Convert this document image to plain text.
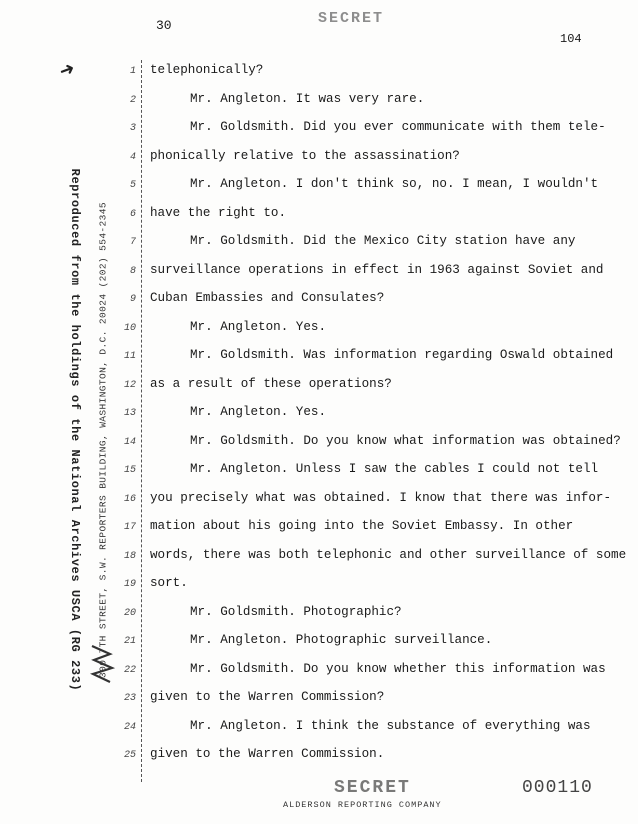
30	SECRET
104
➜
Reproduced from the holdings of the National Archives USCA (RG 233) 300 7TH STREET, S.W. REPORTERS BUILDING, WASHINGTON, D.C. 20024 (202) 554-2345
1 telephonically?
2	Mr. Angleton. It was very rare.
3	Mr. Goldsmith. Did you ever communicate with them tele-
4 phonically relative to the assassination?
5	Mr. Angleton. I don't think so, no. I mean, I wouldn't
6 have the right to.
7	Mr. Goldsmith. Did the Mexico City station have any
8 surveillance operations in effect in 1963 against Soviet and
9 Cuban Embassies and Consulates?
10	Mr. Angleton. Yes.
11	Mr. Goldsmith. Was information regarding Oswald obtained
12 as a result of these operations?
13	Mr. Angleton. Yes.
14	Mr. Goldsmith. Do you know what information was obtained?
15	Mr. Angleton. Unless I saw the cables I could not tell
16 you precisely what was obtained. I know that there was infor-
17 mation about his going into the Soviet Embassy. In other
18 words, there was both telephonic and other surveillance of some
19 sort.
20	Mr. Goldsmith. Photographic?
21	Mr. Angleton. Photographic surveillance.
22	Mr. Goldsmith. Do you know whether this information was
23 given to the Warren Commission?
24	Mr. Angleton. I think the substance of everything was
25 given to the Warren Commission.
SECRET
ALDERSON REPORTING COMPANY
000110
